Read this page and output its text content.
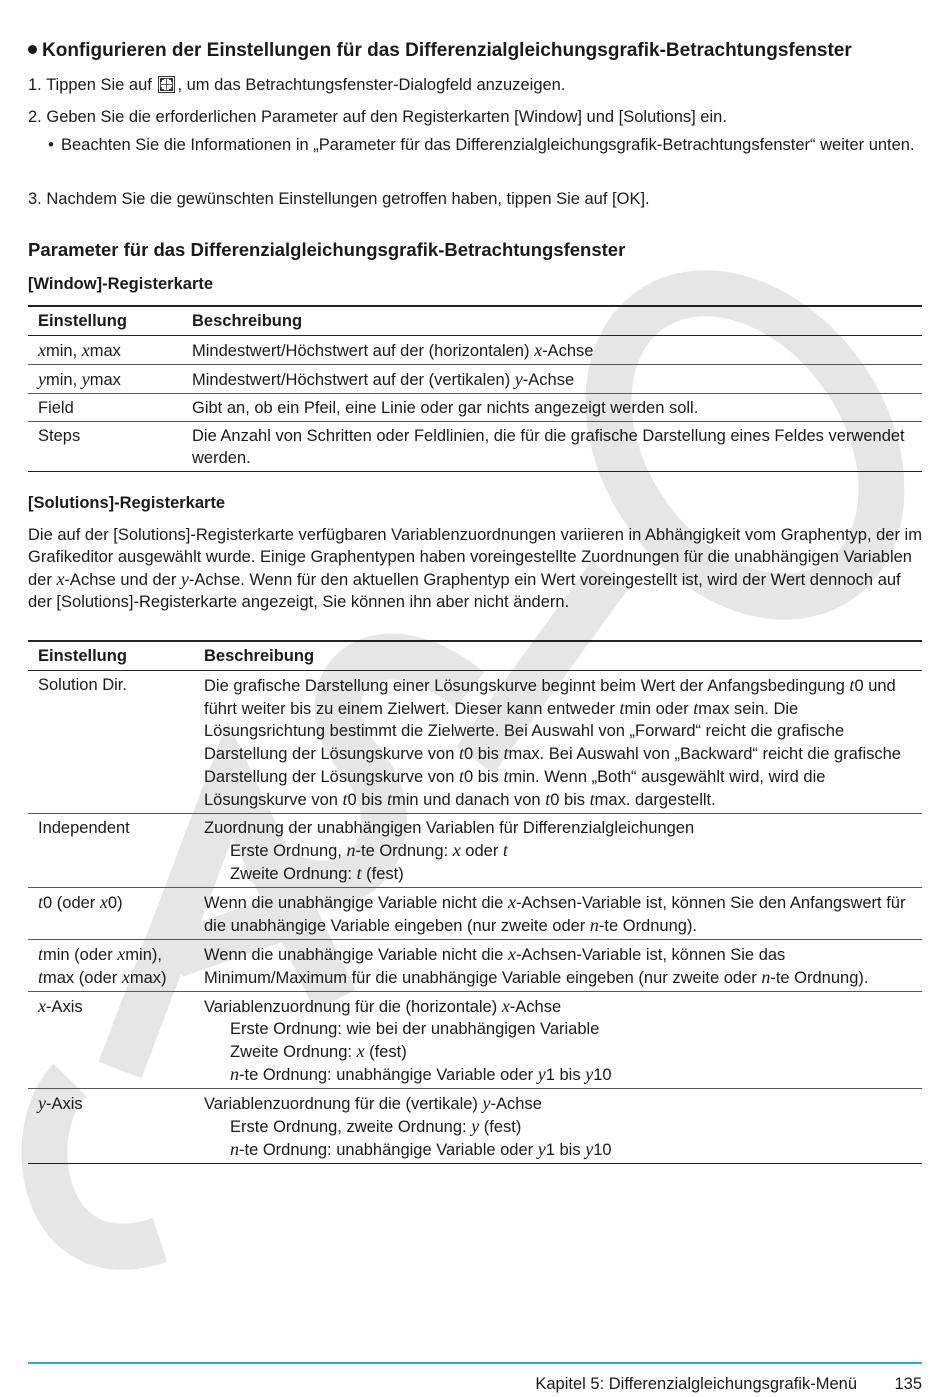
Konfigurieren der Einstellungen für das Differenzialgleichungsgrafik-Betrachtungsfenster
1. Tippen Sie auf , um das Betrachtungsfenster-Dialogfeld anzuzeigen.
2. Geben Sie die erforderlichen Parameter auf den Registerkarten [Window] und [Solutions] ein.
• Beachten Sie die Informationen in „Parameter für das Differenzialgleichungsgrafik-Betrachtungsfenster“ weiter unten.
3. Nachdem Sie die gewünschten Einstellungen getroffen haben, tippen Sie auf [OK].
Parameter für das Differenzialgleichungsgrafik-Betrachtungsfenster
[Window]-Registerkarte
Einstellung	Beschreibung
xmin, xmax	Mindestwert/Höchstwert auf der (horizontalen) x-Achse
ymin, ymax	Mindestwert/Höchstwert auf der (vertikalen) y-Achse
Field	Gibt an, ob ein Pfeil, eine Linie oder gar nichts angezeigt werden soll.
Steps	Die Anzahl von Schritten oder Feldlinien, die für die grafische Darstellung eines Feldes verwendet werden.
[Solutions]-Registerkarte
Die auf der [Solutions]-Registerkarte verfügbaren Variablenzuordnungen variieren in Abhängigkeit vom Graphentyp, der im Grafikeditor ausgewählt wurde. Einige Graphentypen haben voreingestellte Zuordnungen für die unabhängigen Variablen der x-Achse und der y-Achse. Wenn für den aktuellen Graphentyp ein Wert voreingestellt ist, wird der Wert dennoch auf der [Solutions]-Registerkarte angezeigt, Sie können ihn aber nicht ändern.
Einstellung	Beschreibung
Solution Dir.	Die grafische Darstellung einer Lösungskurve beginnt beim Wert der Anfangsbedingung t0 und führt weiter bis zu einem Zielwert. Dieser kann entweder tmin oder tmax sein. Die Lösungsrichtung bestimmt die Zielwerte. Bei Auswahl von „Forward“ reicht die grafische Darstellung der Lösungskurve von t0 bis tmax. Bei Auswahl von „Backward“ reicht die grafische Darstellung der Lösungskurve von t0 bis tmin. Wenn „Both“ ausgewählt wird, wird die Lösungskurve von t0 bis tmin und danach von t0 bis tmax. dargestellt.
Independent	Zuordnung der unabhängigen Variablen für Differenzialgleichungen
Erste Ordnung, n-te Ordnung: x oder t
Zweite Ordnung: t (fest)

t0 (oder x0)	Wenn die unabhängige Variable nicht die x-Achsen-Variable ist, können Sie den Anfangswert für die unabhängige Variable eingeben (nur zweite oder n-te Ordnung).
tmin (oder xmin),
tmax (oder xmax)	Wenn die unabhängige Variable nicht die x-Achsen-Variable ist, können Sie das Minimum/Maximum für die unabhängige Variable eingeben (nur zweite oder n-te Ordnung).
x-Axis	Variablenzuordnung für die (horizontale) x-Achse
Erste Ordnung: wie bei der unabhängigen Variable
Zweite Ordnung: x (fest)
n-te Ordnung: unabhängige Variable oder y1 bis y10

y-Axis	Variablenzuordnung für die (vertikale) y-Achse
Erste Ordnung, zweite Ordnung: y (fest)
n-te Ordnung: unabhängige Variable oder y1 bis y10
Kapitel 5: Differenzialgleichungsgrafik-Menü 135
